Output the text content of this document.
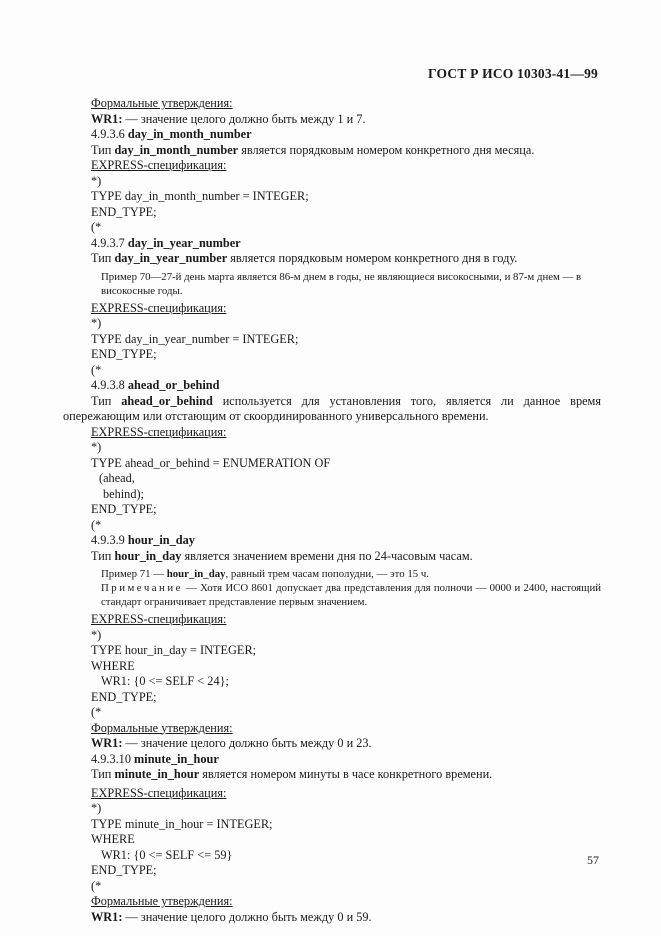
ГОСТ Р ИСО 10303-41—99
Формальные утверждения:
WR1: — значение целого должно быть между 1 и 7.
4.9.3.6 day_in_month_number
Тип day_in_month_number является порядковым номером конкретного дня месяца.
EXPRESS-спецификация:
*)
TYPE day_in_month_number = INTEGER;
END_TYPE;
(*
4.9.3.7 day_in_year_number
Тип day_in_year_number является порядковым номером конкретного дня в году.
Пример 70—27-й день марта является 86-м днем в годы, не являющиеся високосными, и 87-м днем — в високосные годы.
EXPRESS-спецификация:
*)
TYPE day_in_year_number = INTEGER;
END_TYPE;
(*
4.9.3.8 ahead_or_behind
Тип ahead_or_behind используется для установления того, является ли данное время опережающим или отстающим от скоординированного универсального времени.
EXPRESS-спецификация:
*)
TYPE ahead_or_behind = ENUMERATION OF
(ahead,
behind);
END_TYPE;
(*
4.9.3.9 hour_in_day
Тип hour_in_day является значением времени дня по 24-часовым часам.
Пример 71 — hour_in_day, равный трем часам пополудни, — это 15 ч.
Примечание — Хотя ИСО 8601 допускает два представления для полночи — 0000 и 2400, настоящий стандарт ограничивает представление первым значением.
EXPRESS-спецификация:
*)
TYPE hour_in_day = INTEGER;
WHERE
WR1: {0 <= SELF < 24};
END_TYPE;
(*
Формальные утверждения:
WR1: — значение целого должно быть между 0 и 23.
4.9.3.10 minute_in_hour
Тип minute_in_hour является номером минуты в часе конкретного времени.
EXPRESS-спецификация:
*)
TYPE minute_in_hour = INTEGER;
WHERE
WR1: {0 <= SELF <= 59}
END_TYPE;
(*
Формальные утверждения:
WR1: — значение целого должно быть между 0 и 59.
57
